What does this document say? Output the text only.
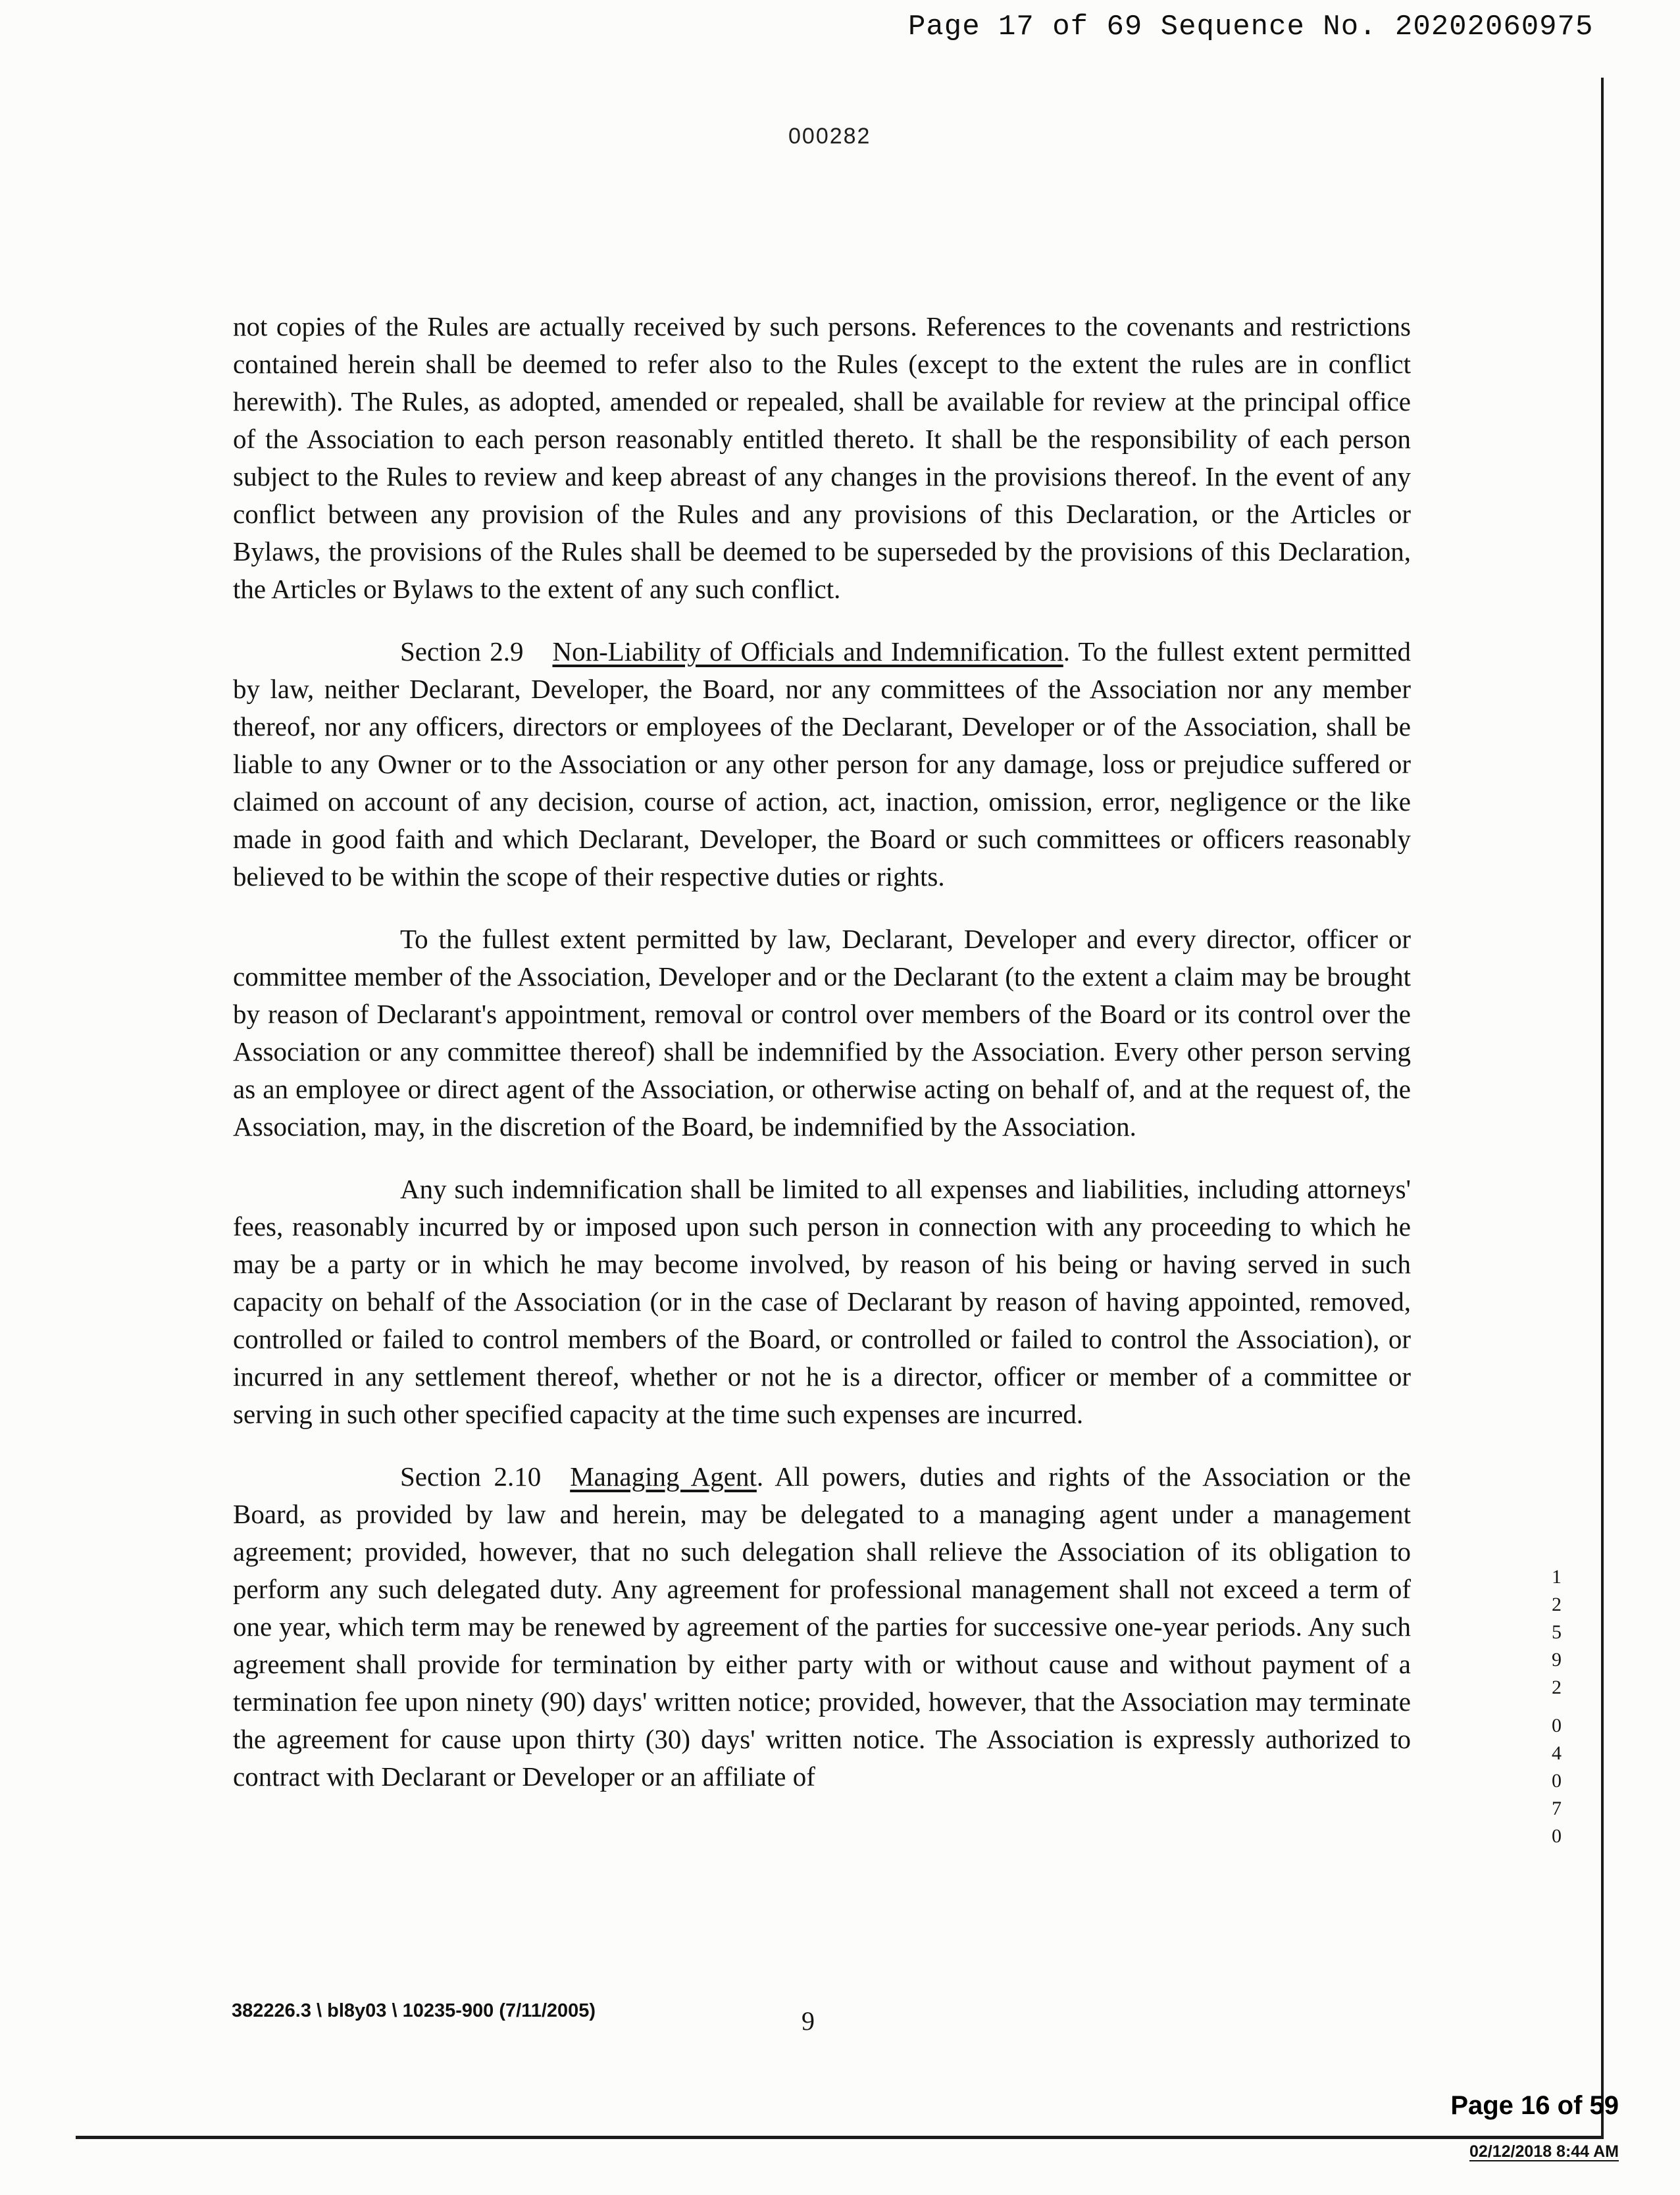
Page 17 of 69 Sequence No. 20202060975
000282

not copies of the Rules are actually received by such persons. References to the covenants and restrictions contained herein shall be deemed to refer also to the Rules (except to the extent the rules are in conflict herewith). The Rules, as adopted, amended or repealed, shall be available for review at the principal office of the Association to each person reasonably entitled thereto. It shall be the responsibility of each person subject to the Rules to review and keep abreast of any changes in the provisions thereof. In the event of any conflict between any provision of the Rules and any provisions of this Declaration, or the Articles or Bylaws, the provisions of the Rules shall be deemed to be superseded by the provisions of this Declaration, the Articles or Bylaws to the extent of any such conflict.

Section 2.9 Non-Liability of Officials and Indemnification. To the fullest extent permitted by law, neither Declarant, Developer, the Board, nor any committees of the Association nor any member thereof, nor any officers, directors or employees of the Declarant, Developer or of the Association, shall be liable to any Owner or to the Association or any other person for any damage, loss or prejudice suffered or claimed on account of any decision, course of action, act, inaction, omission, error, negligence or the like made in good faith and which Declarant, Developer, the Board or such committees or officers reasonably believed to be within the scope of their respective duties or rights.

To the fullest extent permitted by law, Declarant, Developer and every director, officer or committee member of the Association, Developer and or the Declarant (to the extent a claim may be brought by reason of Declarant's appointment, removal or control over members of the Board or its control over the Association or any committee thereof) shall be indemnified by the Association. Every other person serving as an employee or direct agent of the Association, or otherwise acting on behalf of, and at the request of, the Association, may, in the discretion of the Board, be indemnified by the Association.

Any such indemnification shall be limited to all expenses and liabilities, including attorneys' fees, reasonably incurred by or imposed upon such person in connection with any proceeding to which he may be a party or in which he may become involved, by reason of his being or having served in such capacity on behalf of the Association (or in the case of Declarant by reason of having appointed, removed, controlled or failed to control members of the Board, or controlled or failed to control the Association), or incurred in any settlement thereof, whether or not he is a director, officer or member of a committee or serving in such other specified capacity at the time such expenses are incurred.

Section 2.10 Managing Agent. All powers, duties and rights of the Association or the Board, as provided by law and herein, may be delegated to a managing agent under a management agreement; provided, however, that no such delegation shall relieve the Association of its obligation to perform any such delegated duty. Any agreement for professional management shall not exceed a term of one year, which term may be renewed by agreement of the parties for successive one-year periods. Any such agreement shall provide for termination by either party with or without cause and without payment of a termination fee upon ninety (90) days' written notice; provided, however, that the Association may terminate the agreement for cause upon thirty (30) days' written notice. The Association is expressly authorized to contract with Declarant or Developer or an affiliate of

12592
04070
382226.3 \ bl8y03 \ 10235-900 (7/11/2005)	9
Page 16 of 59
02/12/2018 8:44 AM
